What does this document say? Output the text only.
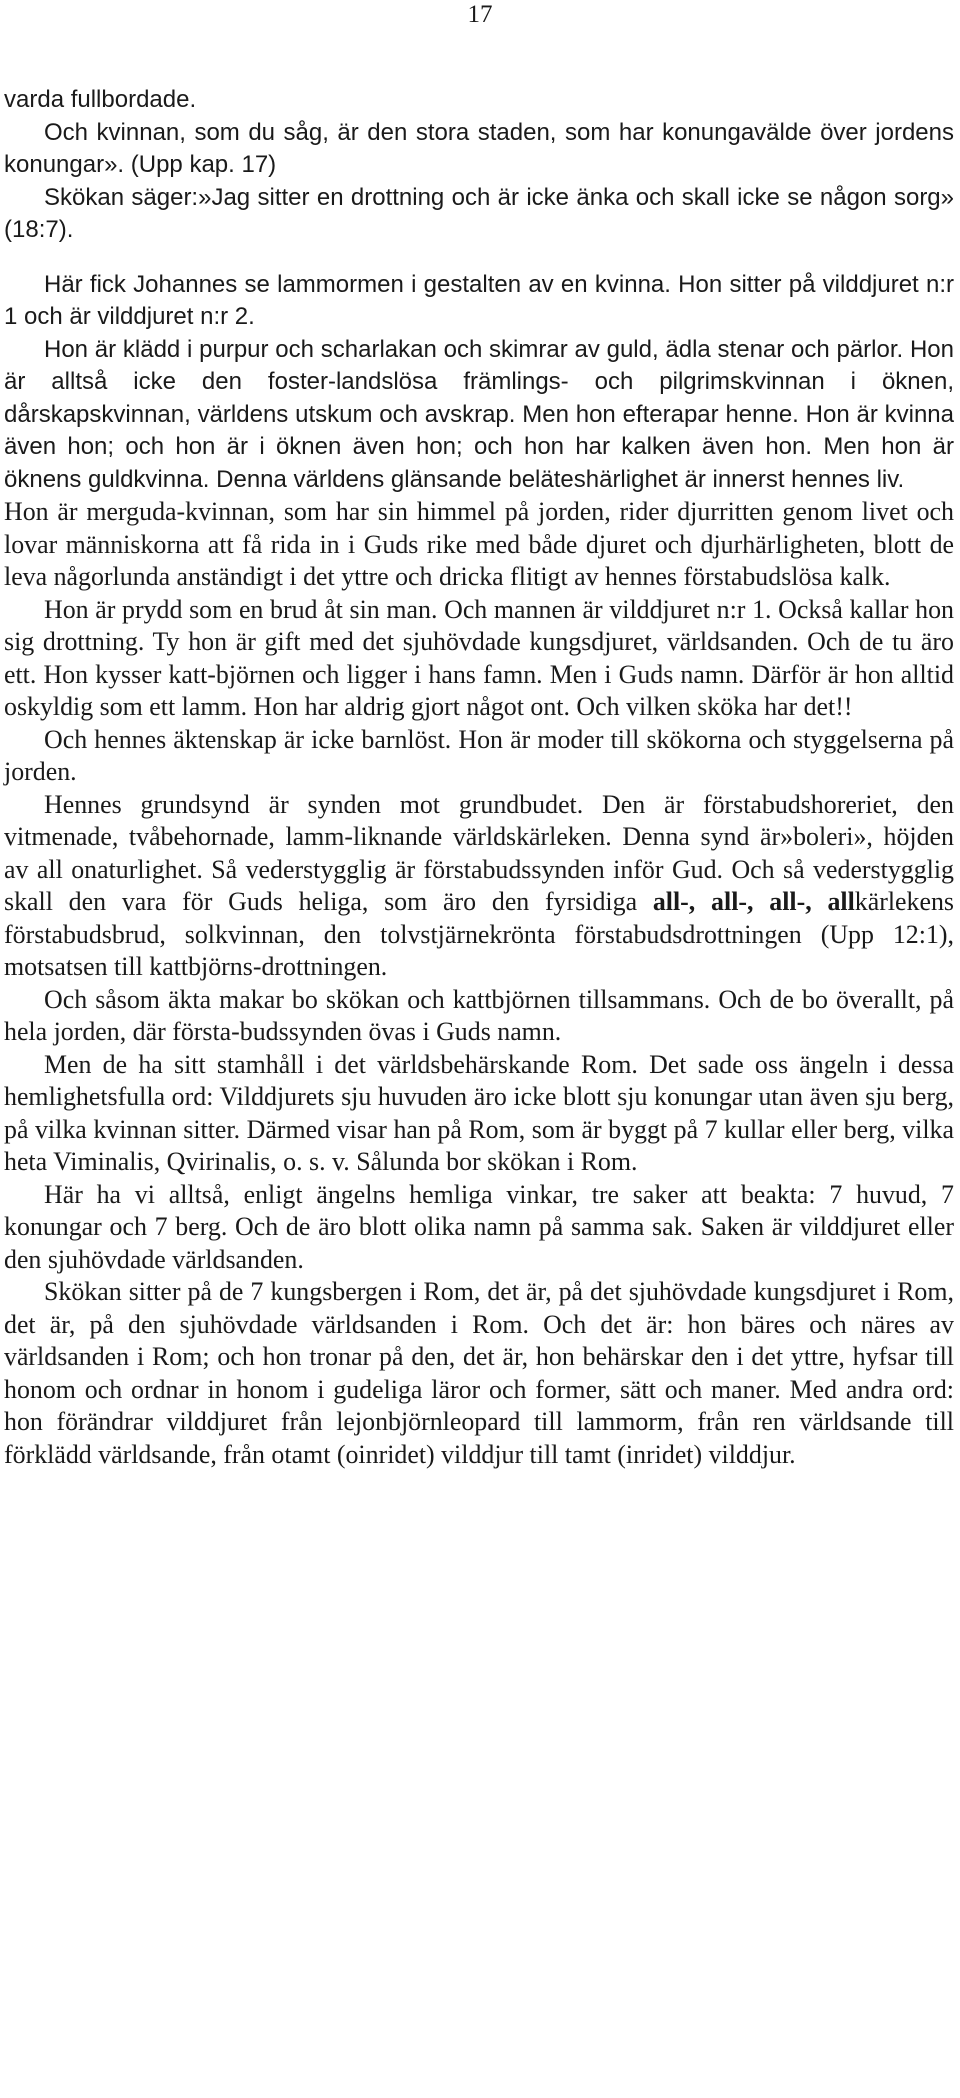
17

varda fullbordade.

Och kvinnan, som du såg, är den stora staden, som har konungavälde över jordens konungar». (Upp kap. 17)

Skökan säger:»Jag sitter en drottning och är icke änka och skall icke se någon sorg» (18:7).

Här fick Johannes se lammormen i gestalten av en kvinna. Hon sitter på vilddjuret n:r 1 och är vilddjuret n:r 2.

Hon är klädd i purpur och scharlakan och skimrar av guld, ädla stenar och pärlor. Hon är alltså icke den foster-landslösa främlings- och pilgrimskvinnan i öknen, dårskapskvinnan, världens utskum och avskrap. Men hon efterapar henne. Hon är kvinna även hon; och hon är i öknen även hon; och hon har kalken även hon. Men hon är öknens guldkvinna. Denna världens glänsande beläteshärlighet är innerst hennes liv.

Hon är merguda-kvinnan, som har sin himmel på jorden, rider djurritten genom livet och lovar människorna att få rida in i Guds rike med både djuret och djurhärligheten, blott de leva någorlunda anständigt i det yttre och dricka flitigt av hennes förstabudslösa kalk.

Hon är prydd som en brud åt sin man. Och mannen är vilddjuret n:r 1. Också kallar hon sig drottning. Ty hon är gift med det sjuhövdade kungsdjuret, världsanden. Och de tu äro ett. Hon kysser katt-björnen och ligger i hans famn. Men i Guds namn. Därför är hon alltid oskyldig som ett lamm. Hon har aldrig gjort något ont. Och vilken sköka har det!!

Och hennes äktenskap är icke barnlöst. Hon är moder till skökorna och styggelserna på jorden.

Hennes grundsynd är synden mot grundbudet. Den är förstabudshoreriet, den vitmenade, tvåbehornade, lamm-liknande världskärleken. Denna synd är»boleri», höjden av all onaturlighet. Så vederstygglig är förstabudssynden inför Gud. Och så vederstygglig skall den vara för Guds heliga, som äro den fyrsidiga all-, all-, all-, allkärlekens förstabudsbrud, solkvinnan, den tolvstjärnekrönta förstabudsdrottningen (Upp 12:1), motsatsen till kattbjörns-drottningen.

Och såsom äkta makar bo skökan och kattbjörnen tillsammans. Och de bo överallt, på hela jorden, där första-budssynden övas i Guds namn.

Men de ha sitt stamhåll i det världsbehärskande Rom. Det sade oss ängeln i dessa hemlighetsfulla ord: Vilddjurets sju huvuden äro icke blott sju konungar utan även sju berg, på vilka kvinnan sitter. Därmed visar han på Rom, som är byggt på 7 kullar eller berg, vilka heta Viminalis, Qvirinalis, o. s. v. Sålunda bor skökan i Rom.

Här ha vi alltså, enligt ängelns hemliga vinkar, tre saker att beakta: 7 huvud, 7 konungar och 7 berg. Och de äro blott olika namn på samma sak. Saken är vilddjuret eller den sjuhövdade världsanden.

Skökan sitter på de 7 kungsbergen i Rom, det är, på det sjuhövdade kungsdjuret i Rom, det är, på den sjuhövdade världsanden i Rom. Och det är: hon bäres och näres av världsanden i Rom; och hon tronar på den, det är, hon behärskar den i det yttre, hyfsar till honom och ordnar in honom i gudeliga läror och former, sätt och maner. Med andra ord: hon förändrar vilddjuret från lejonbjörnleopard till lammorm, från ren världsande till förklädd världsande, från otamt (oinridet) vilddjur till tamt (inridet) vilddjur.
